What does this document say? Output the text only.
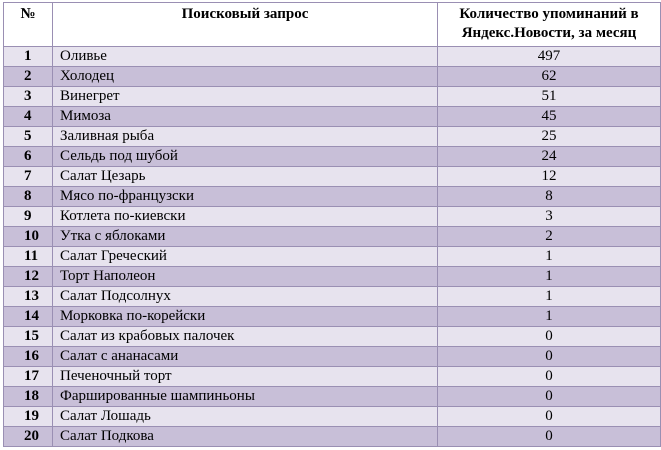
№	Поисковый запрос	Количество упоминаний в Яндекс.Новости, за месяц
1	Оливье	497
2	Холодец	62
3	Винегрет	51
4	Мимоза	45
5	Заливная рыба	25
6	Сельдь под шубой	24
7	Салат Цезарь	12
8	Мясо по-французски	8
9	Котлета по-киевски	3
10	Утка с яблоками	2
11	Салат Греческий	1
12	Торт Наполеон	1
13	Салат Подсолнух	1
14	Морковка по-корейски	1
15	Салат из крабовых палочек	0
16	Салат с ананасами	0
17	Печеночный торт	0
18	Фаршированные шампиньоны	0
19	Салат Лошадь	0
20	Салат Подкова	0
